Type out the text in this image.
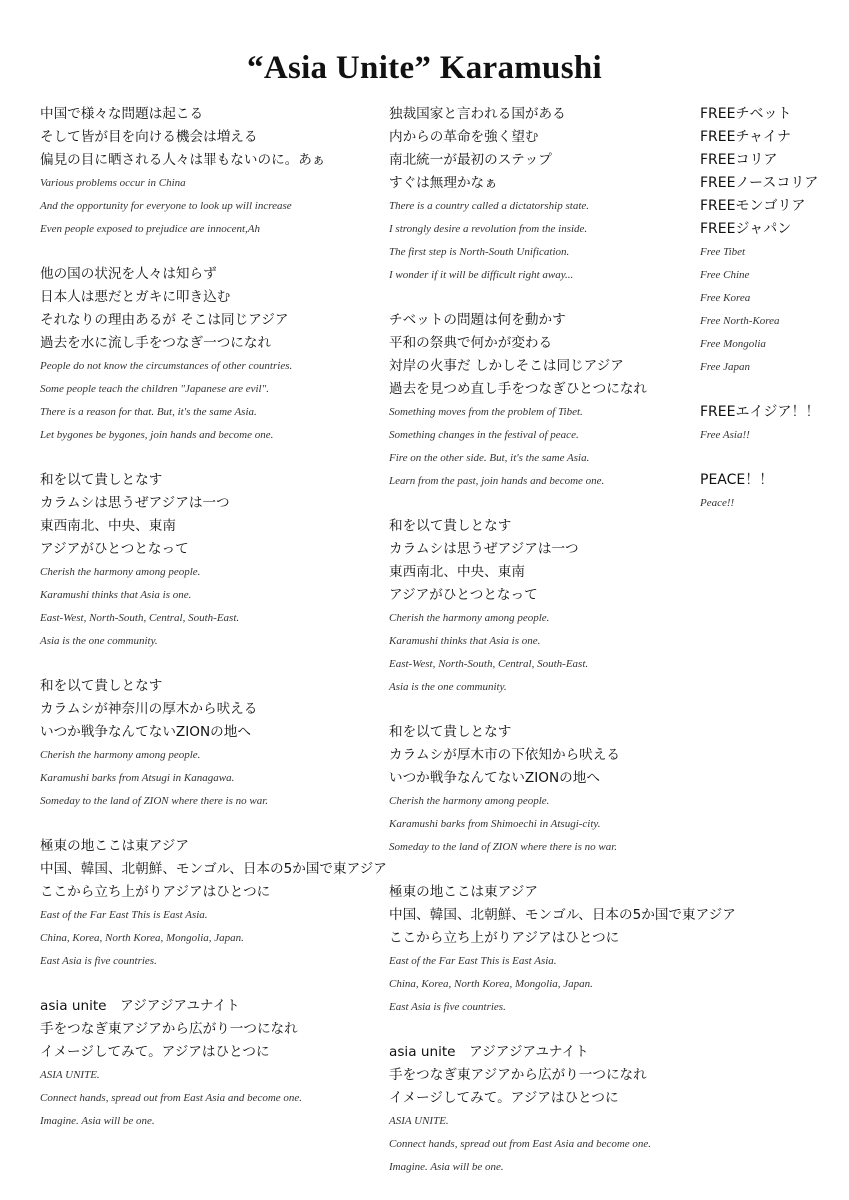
“Asia Unite” Karamushi
中国で様々な問題は起こる
そして皆が目を向ける機会は増える
偏見の目に晒される人々は罪もないのに。あぁ
Various problems occur in China
And the opportunity for everyone to look up will increase
Even people exposed to prejudice are innocent,Ah
他の国の状況を人々は知らず
日本人は悪だとガキに叩き込む
それなりの理由あるが そこは同じアジア
過去を水に流し手をつなぎ一つになれ
People do not know the circumstances of other countries.
Some people teach the children "Japanese are evil".
There is a reason for that. But, it's the same Asia.
Let bygones be bygones, join hands and become one.
和を以て貴しとなす
カラムシは思うぜアジアは一つ
東西南北、中央、東南
アジアがひとつとなって
Cherish the harmony among people.
Karamushi thinks that Asia is one.
East-West, North-South, Central, South-East.
Asia is the one community.
和を以て貴しとなす
カラムシが神奈川の厚木から吠える
いつか戦争なんてないZIONの地へ
Cherish the harmony among people.
Karamushi barks from Atsugi in Kanagawa.
Someday to the land of ZION where there is no war.
極東の地ここは東アジア
中国、韓国、北朝鮮、モンゴル、日本の5か国で東アジア
ここから立ち上がりアジアはひとつに
East of the Far East This is East Asia.
China, Korea, North Korea, Mongolia, Japan.
East Asia is five countries.
asia unite　アジアジアユナイト
手をつなぎ東アジアから広がり一つになれ
イメージしてみて。アジアはひとつに
ASIA UNITE.
Connect hands, spread out from East Asia and become one.
Imagine. Asia will be one.
独裁国家と言われる国がある
内からの革命を強く望む
南北統一が最初のステップ
すぐは無理かなぁ
There is a country called a dictatorship state.
I strongly desire a revolution from the inside.
The first step is North-South Unification.
I wonder if it will be difficult right away...
チベットの問題は何を動かす
平和の祭典で何かが変わる
対岸の火事だ しかしそこは同じアジア
過去を見つめ直し手をつなぎひとつになれ
Something moves from the problem of Tibet.
Something changes in the festival of peace.
Fire on the other side. But, it's the same Asia.
Learn from the past, join hands and become one.
和を以て貴しとなす
カラムシは思うぜアジアは一つ
東西南北、中央、東南
アジアがひとつとなって
Cherish the harmony among people.
Karamushi thinks that Asia is one.
East-West, North-South, Central, South-East.
Asia is the one community.
和を以て貴しとなす
カラムシが厚木市の下依知から吠える
いつか戦争なんてないZIONの地へ
Cherish the harmony among people.
Karamushi barks from Shimoechi in Atsugi-city.
Someday to the land of ZION where there is no war.
極東の地ここは東アジア
中国、韓国、北朝鮮、モンゴル、日本の5か国で東アジア
ここから立ち上がりアジアはひとつに
East of the Far East This is East Asia.
China, Korea, North Korea, Mongolia, Japan.
East Asia is five countries.
asia unite　アジアジアユナイト
手をつなぎ東アジアから広がり一つになれ
イメージしてみて。アジアはひとつに
ASIA UNITE.
Connect hands, spread out from East Asia and become one.
Imagine. Asia will be one.
FREEチベット
FREEチャイナ
FREEコリア
FREEノースコリア
FREEモンゴリア
FREEジャパン
Free Tibet
Free Chine
Free Korea
Free North-Korea
Free Mongolia
Free Japan
FREEエイジア！！
Free Asia!!
PEACE！！
Peace!!
